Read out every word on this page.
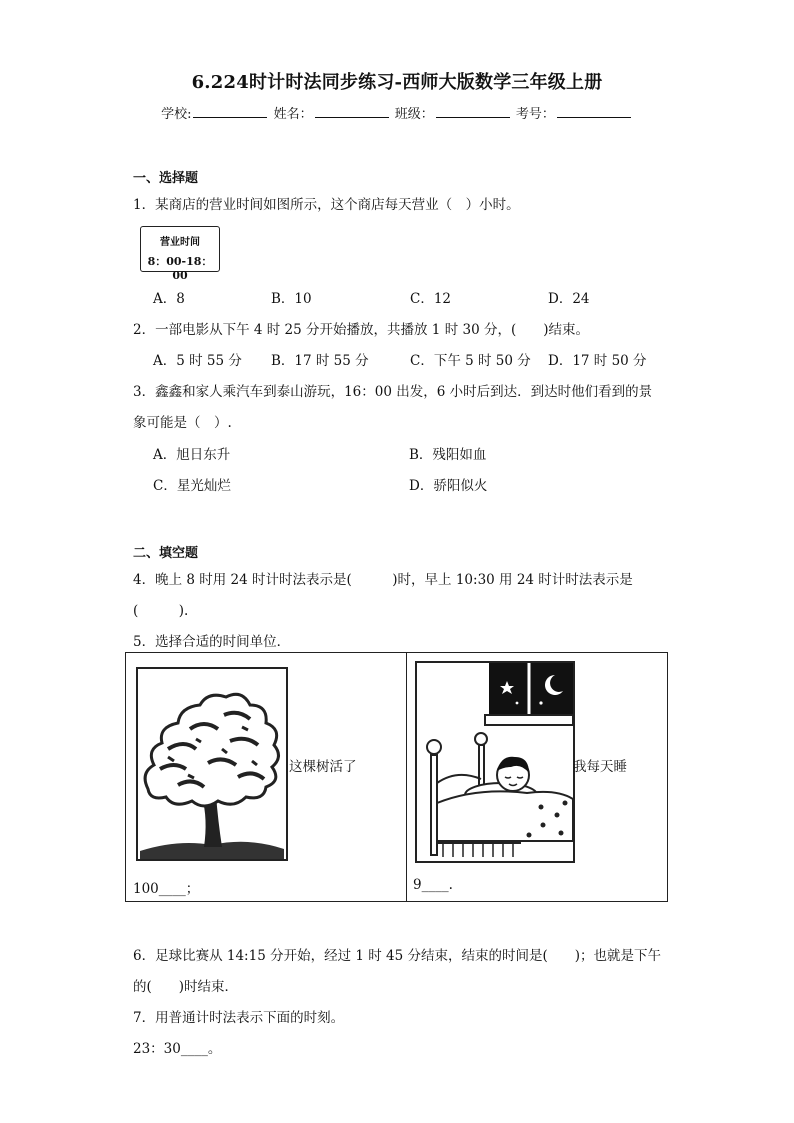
6.224时计时法同步练习-西师大版数学三年级上册
学校:	姓名：	班级：	考号：
一、选择题
1．某商店的营业时间如图所示，这个商店每天营业（　）小时。
营业时间
8：00-18：00
A．8	B．10	C．12	D．24
2．一部电影从下午 4 时 25 分开始播放，共播放 1 时 30 分，(　　)结束。
A．5 时 55 分 B．17 时 55 分	C．下午 5 时 50 分 D．17 时 50 分
3．鑫鑫和家人乘汽车到泰山游玩，16：00 出发，6 小时后到达．到达时他们看到的景
象可能是（　）.
A．旭日东升	B．残阳如血
C．星光灿烂	D．骄阳似火
二、填空题
4．晚上 8 时用 24 时计时法表示是(　　　)时，早上 10:30 用 24 时计时法表示是
(　　　).
5．选择合适的时间单位．
这棵树活了
100____；
我每天睡
9____.
6．足球比赛从 14:15 分开始，经过 1 时 45 分结束，结束的时间是(　　)；也就是下午
的(　　)时结束．
7．用普通计时法表示下面的时刻。
23：30____。
